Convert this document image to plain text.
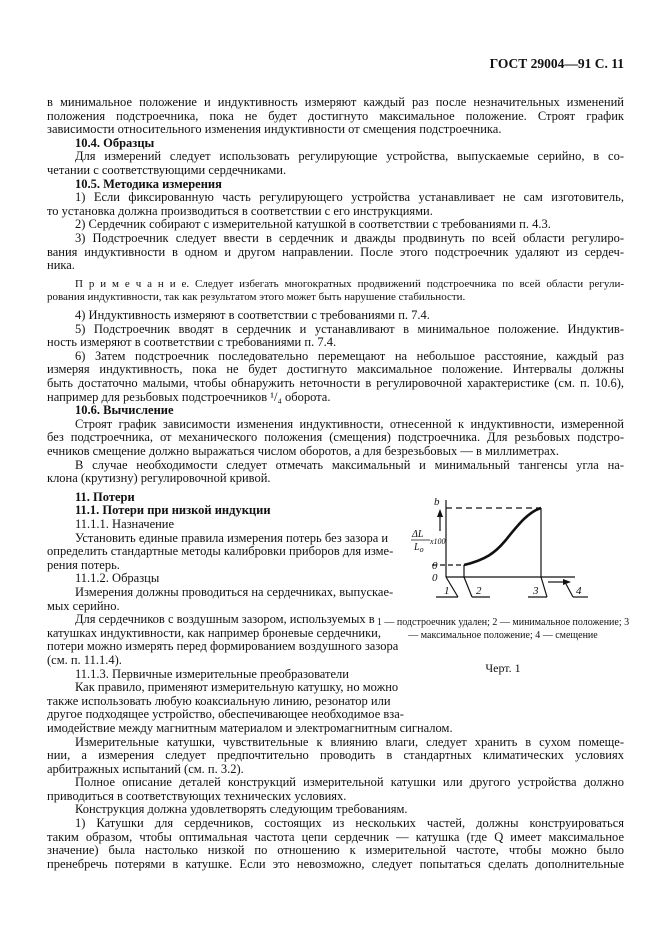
ГОСТ 29004—91 С. 11
в минимальное положение и индуктивность измеряют каждый раз после незначительных изменений
положения подстроечника, пока не будет достигнуто максимальное положение. Строят график
зависимости относительного изменения индуктивности от смещения подстроечника.
10.4. Образцы
Для измерений следует использовать регулирующие устройства, выпускаемые серийно, в со-
четании с соответствующими сердечниками.
10.5. Методика измерения
1) Если фиксированную часть регулирующего устройства устанавливает не сам изготовитель,
то установка должна производиться в соответствии с его инструкциями.
2) Сердечник собирают с измерительной катушкой в соответствии с требованиями п. 4.3.
3) Подстроечник следует ввести в сердечник и дважды продвинуть по всей области регулиро-
вания индуктивности в одном и другом направлении. После этого подстроечник удаляют из сердеч-
ника.
П р и м е ч а н и е. Следует избегать многократных продвижений подстроечника по всей области регули-
рования индуктивности, так как результатом этого может быть нарушение стабильности.
4) Индуктивность измеряют в соответствии с требованиями п. 7.4.
5) Подстроечник вводят в сердечник и устанавливают в минимальное положение. Индуктив-
ность измеряют в соответствии с требованиями п. 7.4.
6) Затем подстроечник последовательно перемещают на небольшое расстояние, каждый раз
измеряя индуктивность, пока не будет достигнуто максимальное положение. Интервалы должны
быть достаточно малыми, чтобы обнаружить неточности в регулировочной характеристике (см. п. 10.6),
например для резьбовых подстроечников ¹/₄ оборота.
10.6. Вычисление
Строят график зависимости изменения индуктивности, отнесенной к индуктивности, измеренной
без подстроечника, от механического положения (смещения) подстроечника. Для резьбовых подстро-
ечников смещение должно выражаться числом оборотов, а для безрезьбовых — в миллиметрах.
В случае необходимости следует отмечать максимальный и минимальный тангенсы угла на-
клона (крутизну) регулировочной кривой.
11. Потери
11.1. Потери при низкой индукции
11.1.1. Назначение
Установить единые правила измерения потерь без зазора и
определить стандартные методы калибровки приборов для изме-
рения потерь.
11.1.2. Образцы
Измерения должны проводиться на сердечниках, выпускае-
мых серийно.
Для сердечников с воздушным зазором, используемых в
катушках индуктивности, как например броневые сердечники,
потери можно измерять перед формированием воздушного зазора
(см. п. 11.1.4).
11.1.3. Первичные измерительные преобразователи
Как правило, применяют измерительную катушку, но можно
также использовать любую коаксиальную линию, резонатор или
другое подходящее устройство, обеспечивающее необходимое вза-
имодействие между магнитным материалом и электромагнитным сигналом.
Измерительные катушки, чувствительные к влиянию влаги, следует хранить в сухом помеще-
нии, а измерения следует предпочтительно проводить в стандартных климатических условиях
арбитражных испытаний (см. п. 3.2).
Полное описание деталей конструкций измерительной катушки или другого устройства должно
приводиться в соответствующих технических условиях.
Конструкция должна удовлетворять следующим требованиям.
1) Катушки для сердечников, состоящих из нескольких частей, должны конструироваться
таким образом, чтобы оптимальная частота цепи сердечник — катушка (где Q имеет максимальное
значение) была настолько низкой по отношению к измерительной частоте, чтобы можно было
пренебречь потерями в катушке. Если это невозможно, следует попытаться сделать дополнительные
b
0
0
ΔL
$L_o$
x100
1 2	3	4
1 — подстроечник удален; 2 — минимальное положение; 3 — максимальное положение; 4 — смещение
Черт. 1
